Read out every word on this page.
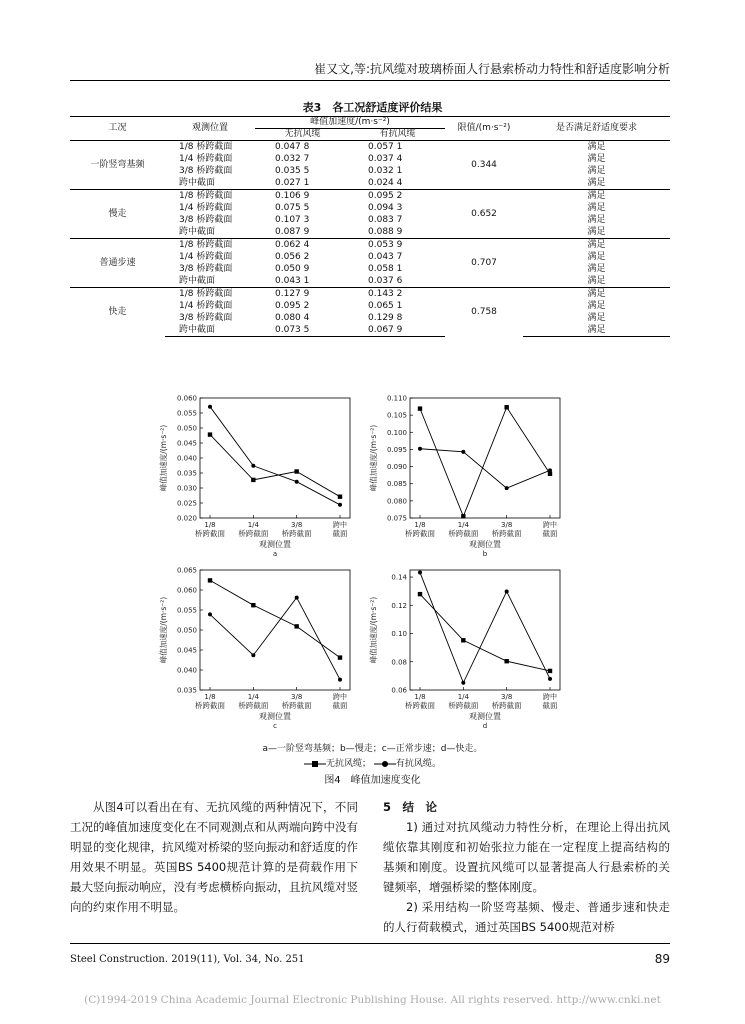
崔又文,等:抗风缆对玻璃桥面人行悬索桥动力特性和舒适度影响分析
表3　各工况舒适度评价结果
工况	观测位置	峰值加速度/(m·s⁻²)		限值/(m·s⁻²)	是否满足舒适度要求
		无抗风缆	有抗风缆		
一阶竖弯基频	1/8 桥跨截面	0.047 8	0.057 1	0.344	满足
	1/4 桥跨截面	0.032 7	0.037 4		满足
	3/8 桥跨截面	0.035 5	0.032 1		满足
	跨中截面	0.027 1	0.024 4		满足
慢走	1/8 桥跨截面	0.106 9	0.095 2	0.652	满足
	1/4 桥跨截面	0.075 5	0.094 3		满足
	3/8 桥跨截面	0.107 3	0.083 7		满足
	跨中截面	0.087 9	0.088 9		满足
普通步速	1/8 桥跨截面	0.062 4	0.053 9	0.707	满足
	1/4 桥跨截面	0.056 2	0.043 7		满足
	3/8 桥跨截面	0.050 9	0.058 1		满足
	跨中截面	0.043 1	0.037 6		满足
快走	1/8 桥跨截面	0.127 9	0.143 2	0.758	满足
	1/4 桥跨截面	0.095 2	0.065 1		满足
	3/8 桥跨截面	0.080 4	0.129 8		满足
	跨中截面	0.073 5	0.067 9		满足
0.020
0.025
0.030
0.035
0.040
0.045
0.050
0.055
0.060
1/8
桥跨截面
1/4
桥跨截面
3/8
桥跨截面
跨中
截面
观测位置
a
峰值加速度/(m·s⁻²)
0.075
0.080
0.085
0.090
0.095
0.100
0.105
0.110
1/8
桥跨截面
1/4
桥跨截面
3/8
桥跨截面
跨中
截面
观测位置
b
峰值加速度/(m·s⁻²)
0.035
0.040
0.045
0.050
0.055
0.060
0.065
1/8
桥跨截面
1/4
桥跨截面
3/8
桥跨截面
跨中
截面
观测位置
c
峰值加速度/(m·s⁻²)
0.06
0.08
0.10
0.12
0.14
1/8
桥跨截面
1/4
桥跨截面
3/8
桥跨截面
跨中
截面
观测位置
d
峰值加速度/(m·s⁻²)
a—一阶竖弯基频；b—慢走；c—正常步速；d—快走。
无抗风缆； 有抗风缆。
图4　峰值加速度变化
从图4可以看出在有、无抗风缆的两种情况下，不同工况的峰值加速度变化在不同观测点和从两端向跨中没有明显的变化规律，抗风缆对桥梁的竖向振动和舒适度的作用效果不明显。英国BS 5400规范计算的是荷载作用下最大竖向振动响应，没有考虑横桥向振动，且抗风缆对竖向的约束作用不明显。
5　结　论
1) 通过对抗风缆动力特性分析，在理论上得出抗风缆依靠其刚度和初始张拉力能在一定程度上提高结构的基频和刚度。设置抗风缆可以显著提高人行悬索桥的关键频率，增强桥梁的整体刚度。
2) 采用结构一阶竖弯基频、慢走、普通步速和快走的人行荷载模式，通过英国BS 5400规范对桥
Steel Construction. 2019(11), Vol. 34, No. 251	89
(C)1994-2019 China Academic Journal Electronic Publishing House. All rights reserved. http://www.cnki.net
